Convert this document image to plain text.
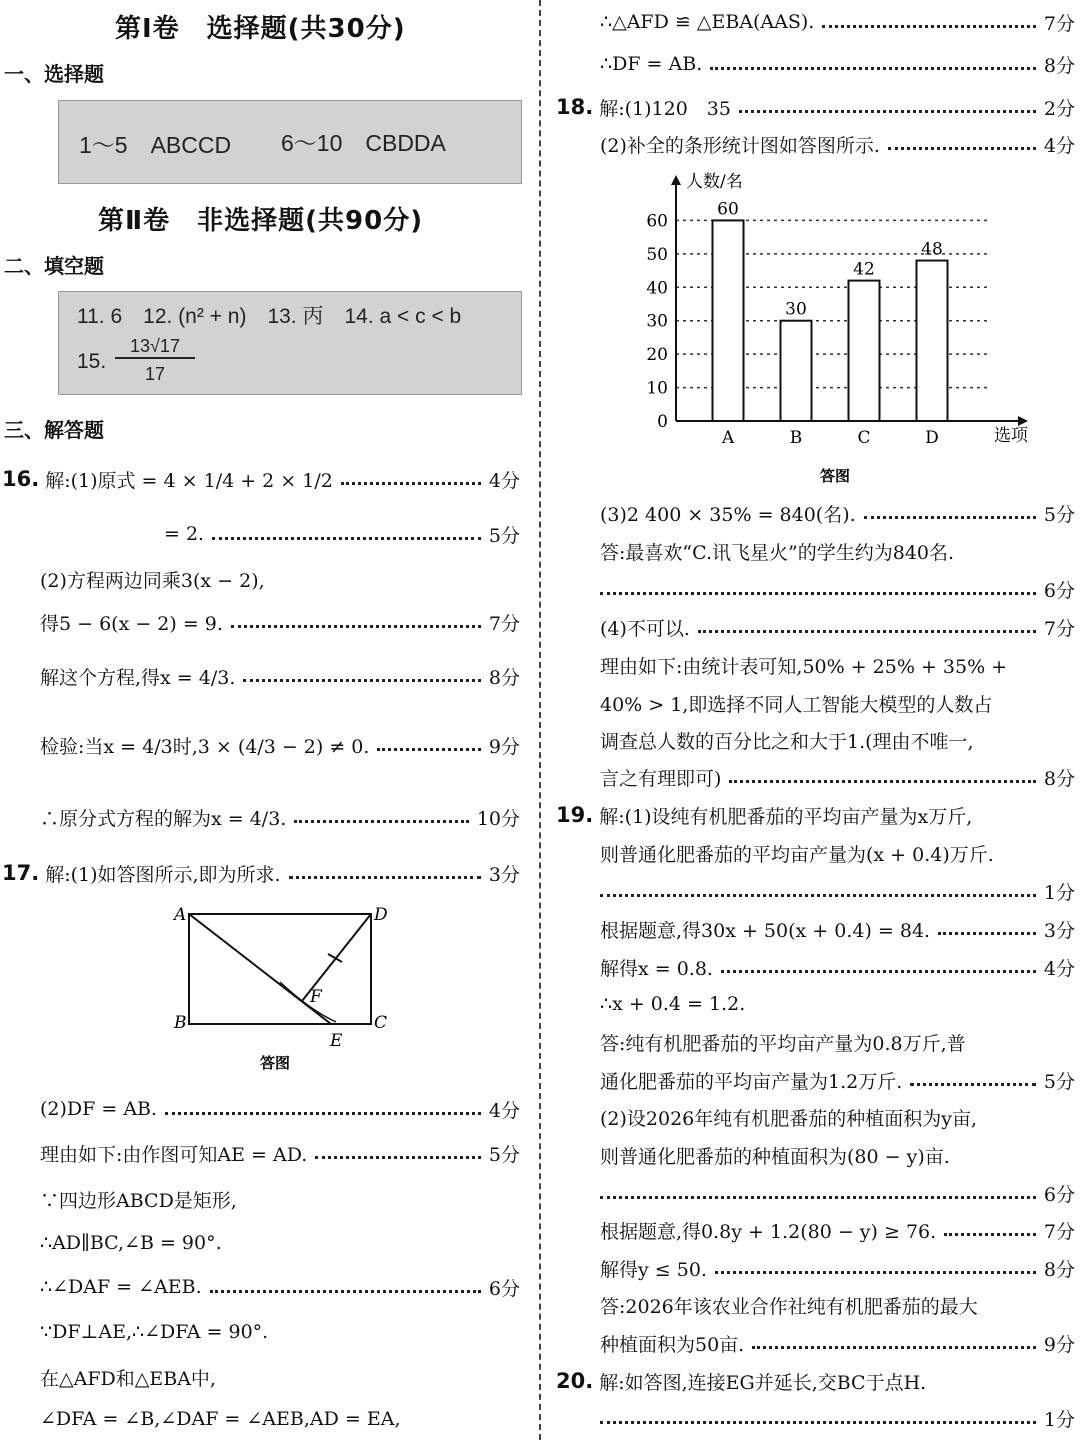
第Ⅰ卷　选择题(共30分)
一、选择题
1～5　ABCCD 6～10　CBDDA
第Ⅱ卷　非选择题(共90分)
二、填空题
11. 6　12. (n² + n)　13. 丙　14. a < c < b
15.
13√17
17
三、解答题
16. 解:(1)原式 = 4 × 1/4 + 2 × 1/2	4分
= 2.	5分
(2)方程两边同乘3(x − 2),
得5 − 6(x − 2) = 9.	7分
解这个方程,得x = 4/3.	8分
检验:当x = 4/3时,3 × (4/3 − 2) ≠ 0.	9分
∴原分式方程的解为x = 4/3.	10分
17. 解:(1)如答图所示,即为所求.	3分
A
B	C
D
E
F
答图
(2)DF = AB.	4分
理由如下:由作图可知AE = AD.	5分
∵四边形ABCD是矩形,
∴AD∥BC,∠B = 90°.
∴∠DAF = ∠AEB.	6分
∵DF⊥AE,∴∠DFA = 90°.
在△AFD和△EBA中,
∠DFA = ∠B,∠DAF = ∠AEB,AD = EA,
∴△AFD ≌ △EBA(AAS).	7分
∴DF = AB.	8分
18. 解:(1)120　35	2分
(2)补全的条形统计图如答图所示.	4分
60
30
42
48
0
10
20
30
40
50
60
A	B	C	D
人数/名
选项
答图
(3)2 400 × 35% = 840(名).	5分
答:最喜欢“C.讯飞星火”的学生约为840名.
6分
(4)不可以.	7分
理由如下:由统计表可知,50% + 25% + 35% +
40% > 1,即选择不同人工智能大模型的人数占
调查总人数的百分比之和大于1.(理由不唯一,
言之有理即可)	8分
19. 解:(1)设纯有机肥番茄的平均亩产量为x万斤,
则普通化肥番茄的平均亩产量为(x + 0.4)万斤.
1分
根据题意,得30x + 50(x + 0.4) = 84.	3分
解得x = 0.8.	4分
∴x + 0.4 = 1.2.
答:纯有机肥番茄的平均亩产量为0.8万斤,普
通化肥番茄的平均亩产量为1.2万斤.	5分
(2)设2026年纯有机肥番茄的种植面积为y亩,
则普通化肥番茄的种植面积为(80 − y)亩.
6分
根据题意,得0.8y + 1.2(80 − y) ≥ 76.	7分
解得y ≤ 50.	8分
答:2026年该农业合作社纯有机肥番茄的最大
种植面积为50亩.	9分
20. 解:如答图,连接EG并延长,交BC于点H.
1分
